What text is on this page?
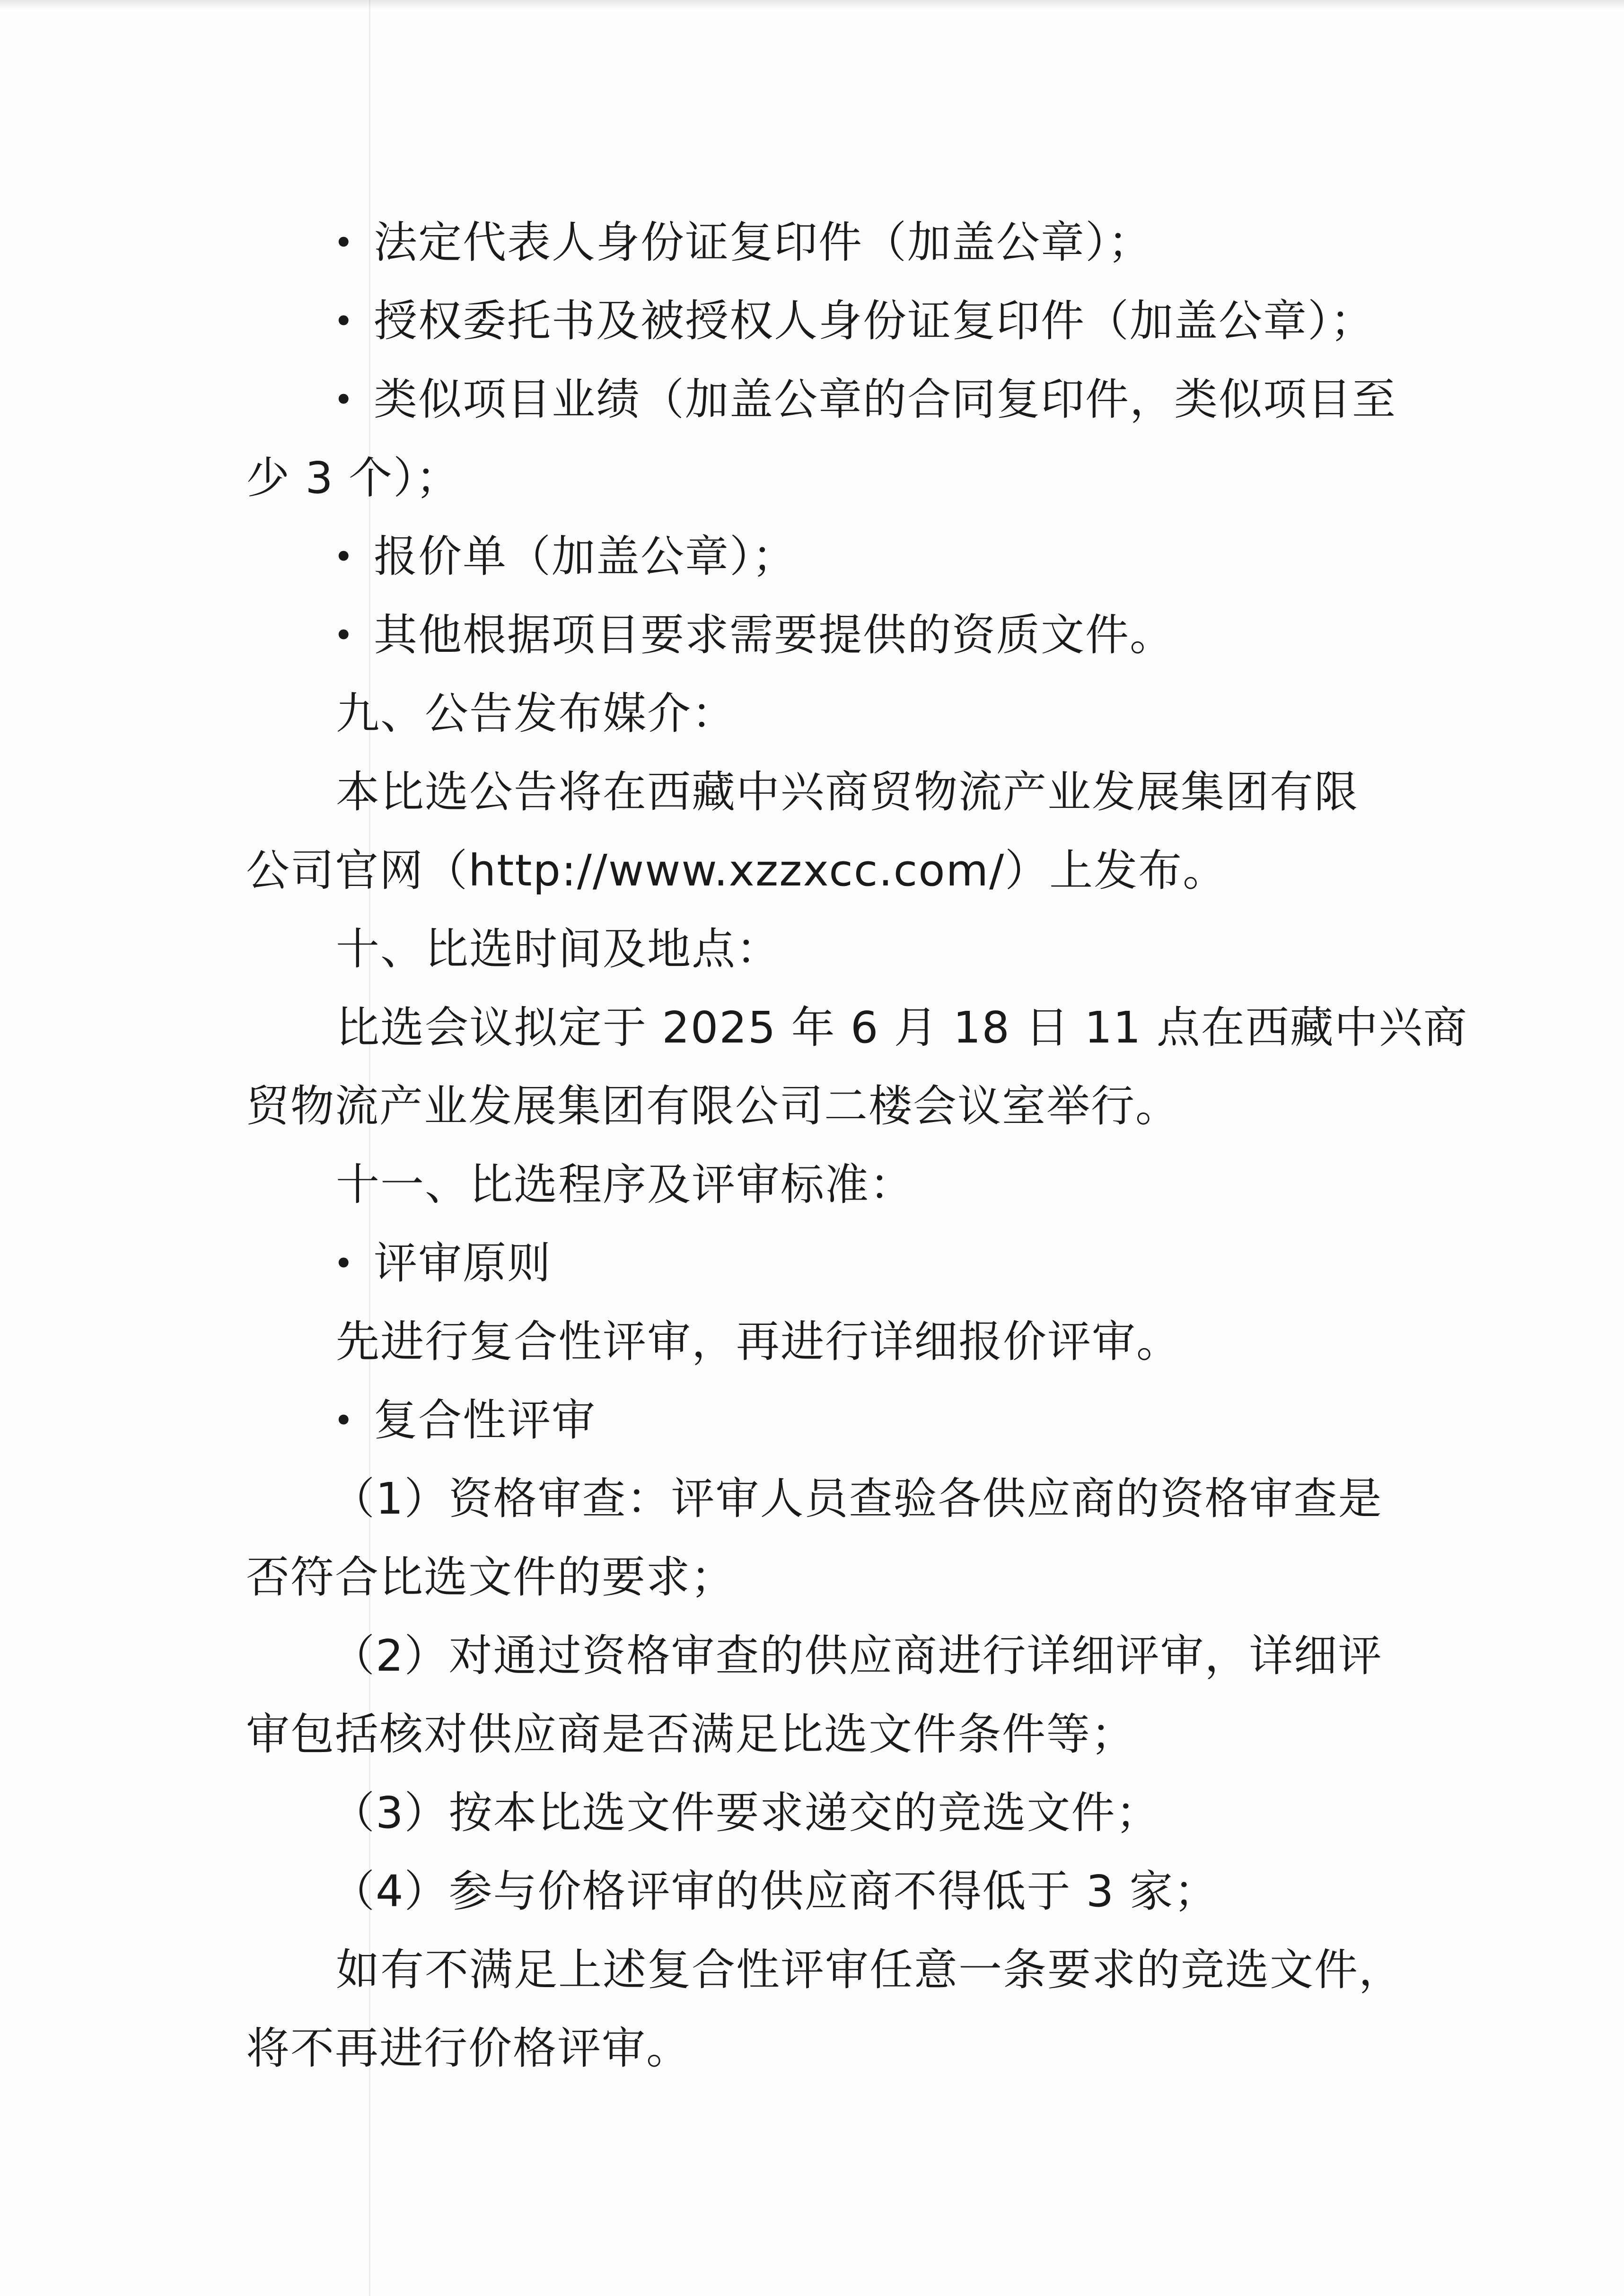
• 法定代表人身份证复印件（加盖公章）；
• 授权委托书及被授权人身份证复印件（加盖公章）；
• 类似项目业绩（加盖公章的合同复印件，类似项目至
少 3 个）；
• 报价单（加盖公章）；
• 其他根据项目要求需要提供的资质文件。
九、公告发布媒介：
本比选公告将在西藏中兴商贸物流产业发展集团有限
公司官网（http://www.xzzxcc.com/）上发布。
十、比选时间及地点：
比选会议拟定于 2025 年 6 月 18 日 11 点在西藏中兴商
贸物流产业发展集团有限公司二楼会议室举行。
十一、比选程序及评审标准：
• 评审原则
先进行复合性评审，再进行详细报价评审。
• 复合性评审
（1）资格审查：评审人员查验各供应商的资格审查是
否符合比选文件的要求；
（2）对通过资格审查的供应商进行详细评审，详细评
审包括核对供应商是否满足比选文件条件等；
（3）按本比选文件要求递交的竞选文件；
（4）参与价格评审的供应商不得低于 3 家；
如有不满足上述复合性评审任意一条要求的竞选文件，
将不再进行价格评审。
